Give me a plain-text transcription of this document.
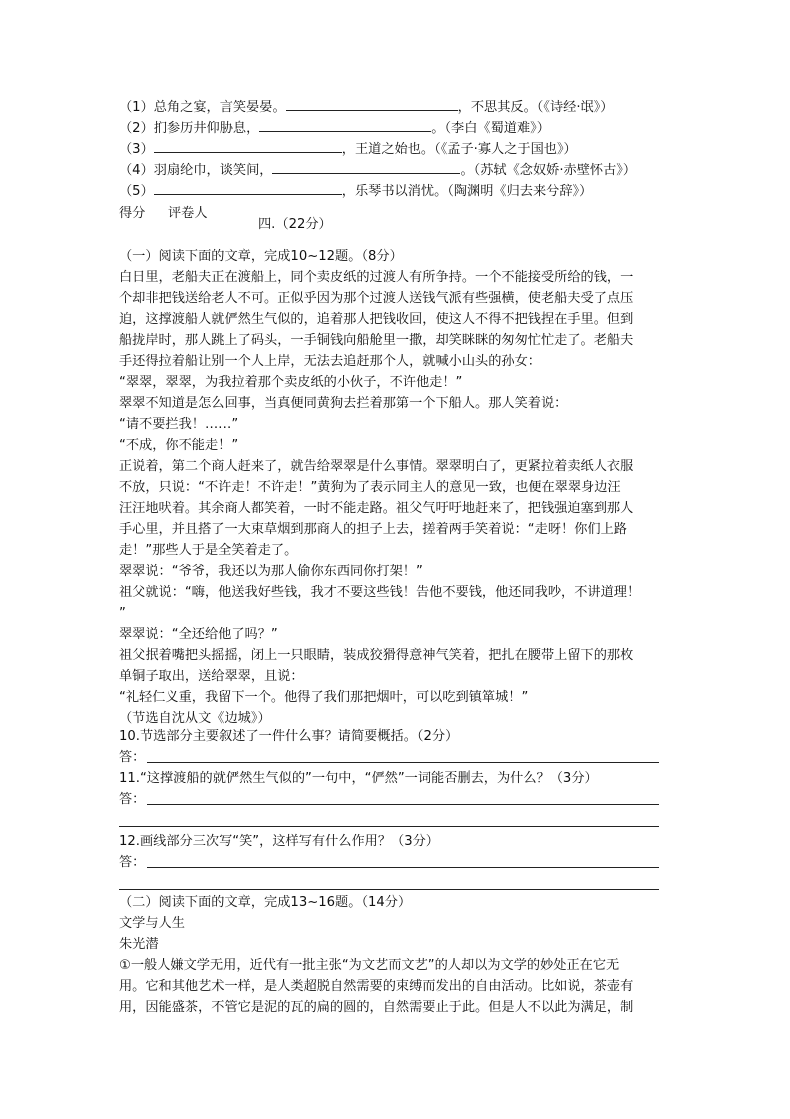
（1）总角之宴，言笑晏晏。	，不思其反。（《诗经·氓》）
（2）扪参历井仰胁息，	。（李白《蜀道难》）
（3）	，王道之始也。（《孟子·寡人之于国也》）
（4）羽扇纶巾，谈笑间，	。（苏轼《念奴娇·赤壁怀古》）
（5）	，乐琴书以消忧。（陶渊明《归去来兮辞》）
得分 评卷人
四.（22分）
（一）阅读下面的文章，完成10~12题。（8分）
白日里，老船夫正在渡船上，同个卖皮纸的过渡人有所争持。一个不能接受所给的钱，一
个却非把钱送给老人不可。正似乎因为那个过渡人送钱气派有些强横，使老船夫受了点压
迫，这撑渡船人就俨然生气似的，追着那人把钱收回，使这人不得不把钱捏在手里。但到
船拢岸时，那人跳上了码头，一手铜钱向船舱里一撒，却笑眯眯的匆匆忙忙走了。老船夫
手还得拉着船让别一个人上岸，无法去追赶那个人，就喊小山头的孙女：
“翠翠，翠翠，为我拉着那个卖皮纸的小伙子，不许他走！”
翠翠不知道是怎么回事，当真便同黄狗去拦着那第一个下船人。那人笑着说：
“请不要拦我！……”
“不成，你不能走！”
正说着，第二个商人赶来了，就告给翠翠是什么事情。翠翠明白了，更紧拉着卖纸人衣服
不放，只说：“不许走！不许走！”黄狗为了表示同主人的意见一致，也便在翠翠身边汪
汪汪地吠着。其余商人都笑着，一时不能走路。祖父气吁吁地赶来了，把钱强迫塞到那人
手心里，并且搭了一大束草烟到那商人的担子上去，搓着两手笑着说：“走呀！你们上路
走！”那些人于是全笑着走了。
翠翠说：“爷爷，我还以为那人偷你东西同你打架！”
祖父就说：“嗨，他送我好些钱，我才不要这些钱！告他不要钱，他还同我吵，不讲道理！
”
翠翠说：“全还给他了吗？”
祖父抿着嘴把头摇摇，闭上一只眼睛，装成狡猾得意神气笑着，把扎在腰带上留下的那枚
单铜子取出，送给翠翠，且说：
“礼轻仁义重，我留下一个。他得了我们那把烟叶，可以吃到镇箪城！”
（节选自沈从文《边城》）
10.节选部分主要叙述了一件什么事？请简要概括。（2分）
答：
11.“这撑渡船的就俨然生气似的”一句中，“俨然”一词能否删去，为什么？（3分）
答：
12.画线部分三次写“笑”，这样写有什么作用？（3分）
答：
（二）阅读下面的文章，完成13~16题。（14分）
文学与人生
朱光潜
①一般人嫌文学无用，近代有一批主张“为文艺而文艺”的人却以为文学的妙处正在它无
用。它和其他艺术一样，是人类超脱自然需要的束缚而发出的自由活动。比如说，茶壶有
用，因能盛茶，不管它是泥的瓦的扁的圆的，自然需要止于此。但是人不以此为满足，制
